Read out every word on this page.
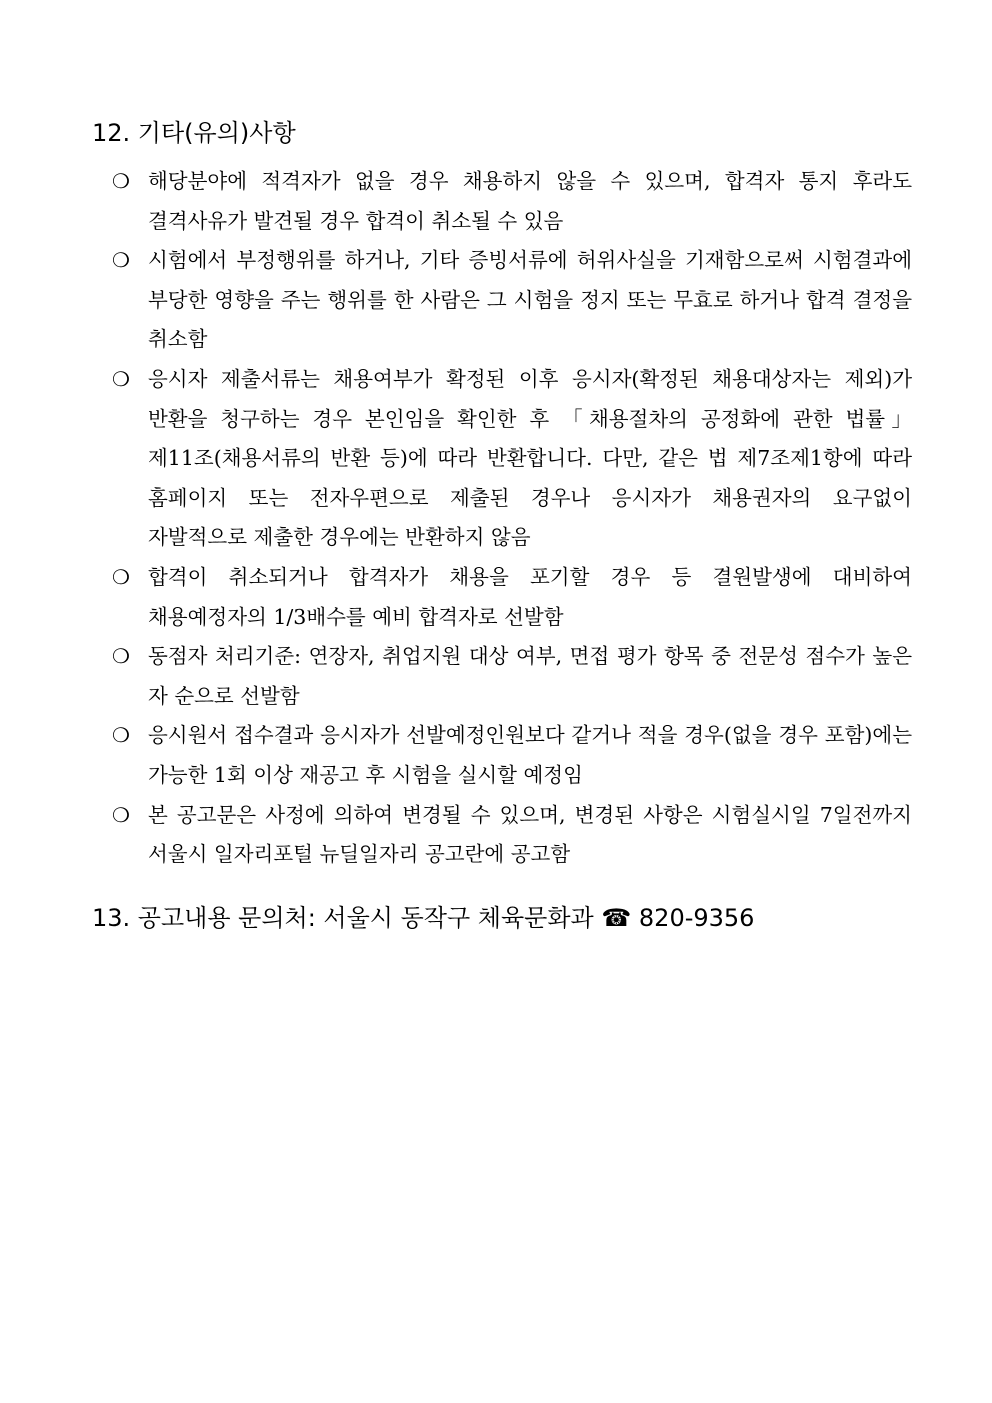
12. 기타(유의)사항
❍ 해당분야에 적격자가 없을 경우 채용하지 않을 수 있으며, 합격자 통지 후라도 결격사유가 발견될 경우 합격이 취소될 수 있음
❍ 시험에서 부정행위를 하거나, 기타 증빙서류에 허위사실을 기재함으로써 시험결과에 부당한 영향을 주는 행위를 한 사람은 그 시험을 정지 또는 무효로 하거나 합격 결정을 취소함
❍ 응시자 제출서류는 채용여부가 확정된 이후 응시자(확정된 채용대상자는 제외)가 반환을 청구하는 경우 본인임을 확인한 후 「채용절차의 공정화에 관한 법률」 제11조(채용서류의 반환 등)에 따라 반환합니다. 다만, 같은 법 제7조제1항에 따라 홈페이지 또는 전자우편으로 제출된 경우나 응시자가 채용권자의 요구없이 자발적으로 제출한 경우에는 반환하지 않음
❍ 합격이 취소되거나 합격자가 채용을 포기할 경우 등 결원발생에 대비하여 채용예정자의 1/3배수를 예비 합격자로 선발함
❍ 동점자 처리기준: 연장자, 취업지원 대상 여부, 면접 평가 항목 중 전문성 점수가 높은 자 순으로 선발함
❍ 응시원서 접수결과 응시자가 선발예정인원보다 같거나 적을 경우(없을 경우 포함)에는 가능한 1회 이상 재공고 후 시험을 실시할 예정임
❍ 본 공고문은 사정에 의하여 변경될 수 있으며, 변경된 사항은 시험실시일 7일전까지 서울시 일자리포털 뉴딜일자리 공고란에 공고함
13. 공고내용 문의처: 서울시 동작구 체육문화과 ☎ 820-9356
